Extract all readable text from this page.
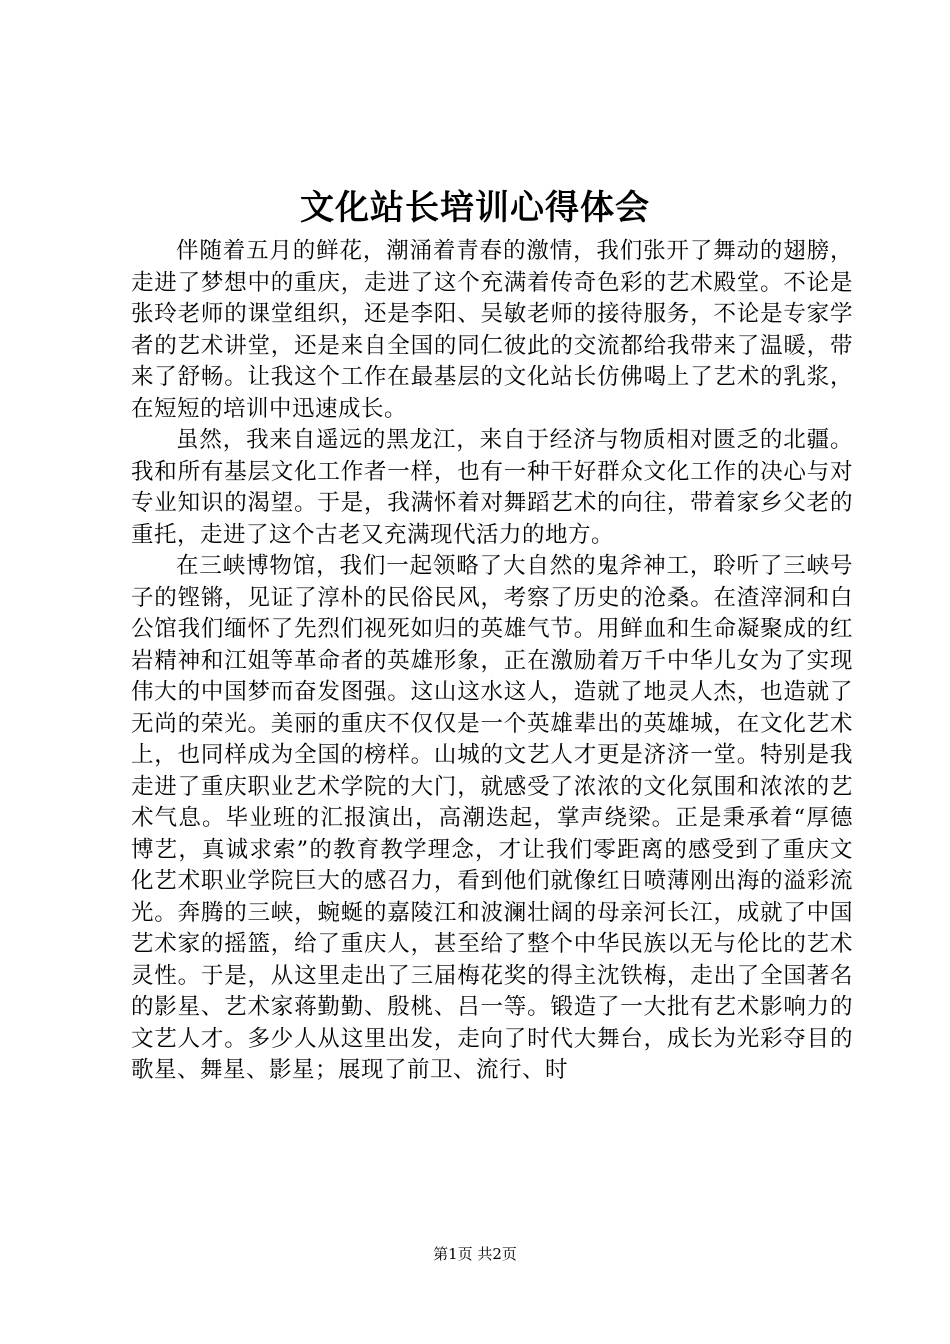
文化站长培训心得体会

伴随着五月的鲜花，潮涌着青春的激情，我们张开了舞动的翅膀，走进了梦想中的重庆，走进了这个充满着传奇色彩的艺术殿堂。不论是张玲老师的课堂组织，还是李阳、吴敏老师的接待服务，不论是专家学者的艺术讲堂，还是来自全国的同仁彼此的交流都给我带来了温暖，带来了舒畅。让我这个工作在最基层的文化站长仿佛喝上了艺术的乳浆，在短短的培训中迅速成长。

虽然，我来自遥远的黑龙江，来自于经济与物质相对匮乏的北疆。我和所有基层文化工作者一样，也有一种干好群众文化工作的决心与对专业知识的渴望。于是，我满怀着对舞蹈艺术的向往，带着家乡父老的重托，走进了这个古老又充满现代活力的地方。

在三峡博物馆，我们一起领略了大自然的鬼斧神工，聆听了三峡号子的铿锵，见证了淳朴的民俗民风，考察了历史的沧桑。在渣滓洞和白公馆我们缅怀了先烈们视死如归的英雄气节。用鲜血和生命凝聚成的红岩精神和江姐等革命者的英雄形象，正在激励着万千中华儿女为了实现伟大的中国梦而奋发图强。这山这水这人，造就了地灵人杰，也造就了无尚的荣光。美丽的重庆不仅仅是一个英雄辈出的英雄城，在文化艺术上，也同样成为全国的榜样。山城的文艺人才更是济济一堂。特别是我走进了重庆职业艺术学院的大门，就感受了浓浓的文化氛围和浓浓的艺术气息。毕业班的汇报演出，高潮迭起，掌声绕梁。正是秉承着“厚德博艺，真诚求索”的教育教学理念，才让我们零距离的感受到了重庆文化艺术职业学院巨大的感召力，看到他们就像红日喷薄刚出海的溢彩流光。奔腾的三峡，蜿蜒的嘉陵江和波澜壮阔的母亲河长江，成就了中国艺术家的摇篮，给了重庆人，甚至给了整个中华民族以无与伦比的艺术灵性。于是，从这里走出了三届梅花奖的得主沈铁梅，走出了全国著名的影星、艺术家蒋勤勤、殷桃、吕一等。锻造了一大批有艺术影响力的文艺人才。多少人从这里出发，走向了时代大舞台，成长为光彩夺目的歌星、舞星、影星；展现了前卫、流行、时

第1页 共2页
